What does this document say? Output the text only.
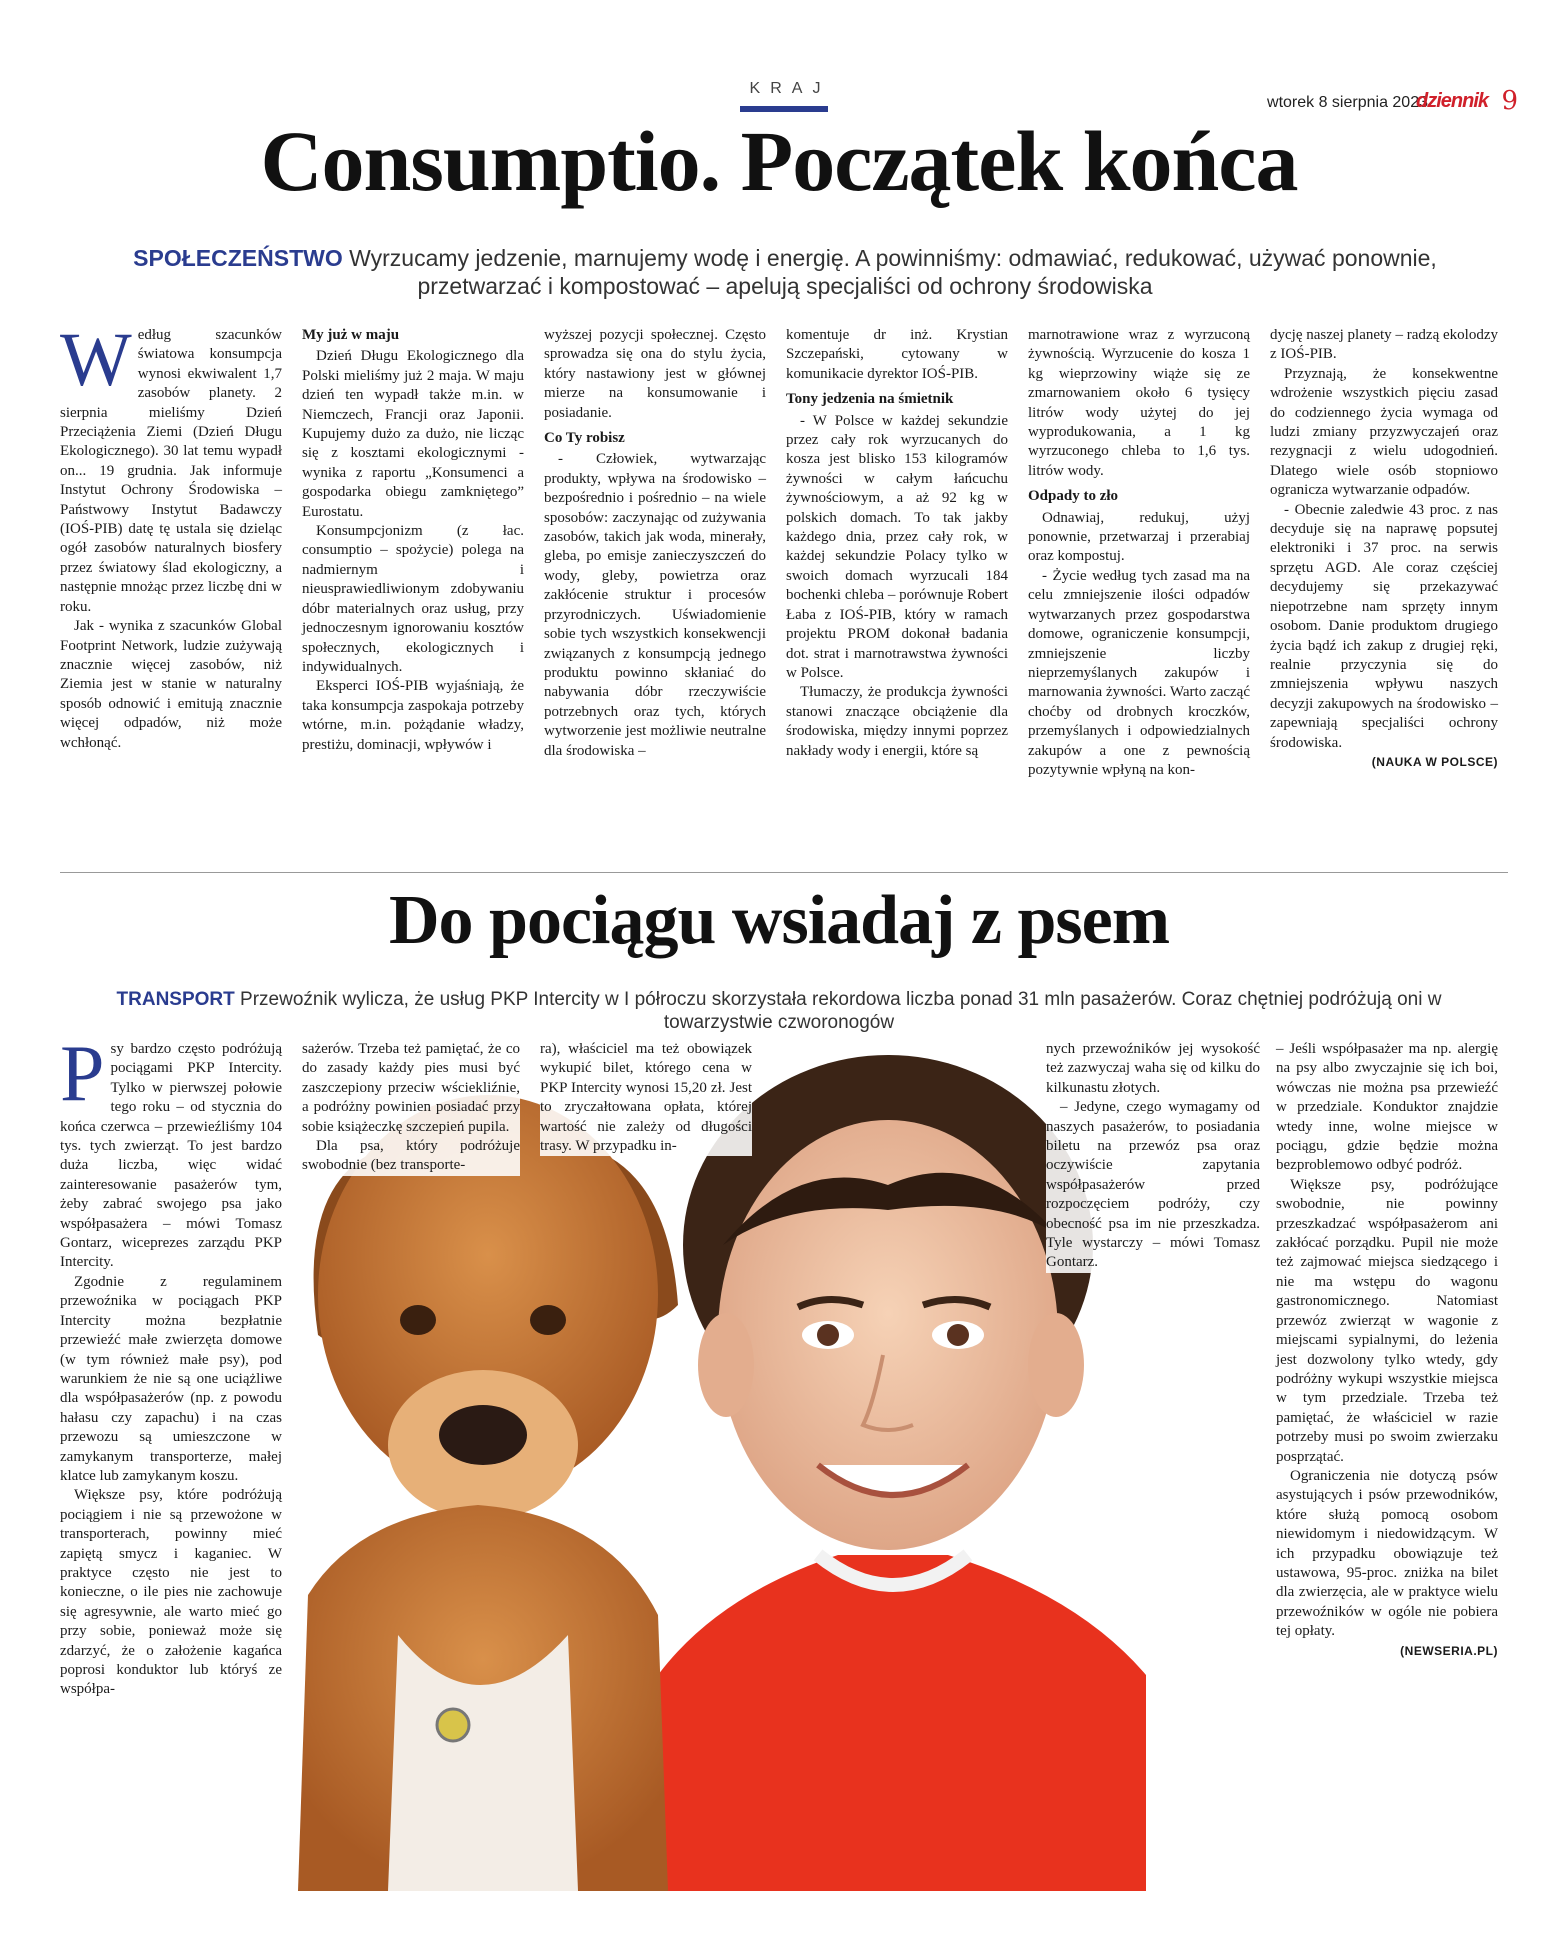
KRAJ
wtorek 8 sierpnia 2023
dziennik 9
Consumptio. Początek końca
SPOŁECZEŃSTWO Wyrzucamy jedzenie, marnujemy wodę i energię. A powinniśmy: odmawiać, redukować, używać ponownie, przetwarzać i kompostować – apelują specjaliści od ochrony środowiska
W edług szacunków światowa konsumpcja wynosi ekwiwalent 1,7 zasobów planety. 2 sierpnia mieliśmy Dzień Przeciążenia Ziemi (Dzień Długu Ekologicznego). 30 lat temu wypadł on... 19 grudnia. Jak informuje Instytut Ochrony Środowiska – Państwowy Instytut Badawczy (IOŚ-PIB) datę tę ustala się dzieląc ogół zasobów naturalnych biosfery przez światowy ślad ekologiczny, a następnie mnożąc przez liczbę dni w roku.

Jak - wynika z szacunków Global Footprint Network, ludzie zużywają znacznie więcej zasobów, niż Ziemia jest w stanie w naturalny sposób odnowić i emitują znacznie więcej odpadów, niż może wchłonąć.

My już w maju

Dzień Długu Ekologicznego dla Polski mieliśmy już 2 maja. W maju dzień ten wypadł także m.in. w Niemczech, Francji oraz Japonii. Kupujemy dużo za dużo, nie licząc się z kosztami ekologicznymi - wynika z raportu „Konsumenci a gospodarka obiegu zamkniętego” Eurostatu.

Konsumpcjonizm (z łac. consumptio – spożycie) polega na nadmiernym i nieusprawiedliwionym zdobywaniu dóbr materialnych oraz usług, przy jednoczesnym ignorowaniu kosztów społecznych, ekologicznych i indywidualnych.

Eksperci IOŚ-PIB wyjaśniają, że taka konsumpcja zaspokaja potrzeby wtórne, m.in. pożądanie władzy, prestiżu, dominacji, wpływów i

wyższej pozycji społecznej. Często sprowadza się ona do stylu życia, który nastawiony jest w głównej mierze na konsumowanie i posiadanie.

Co Ty robisz

- Człowiek, wytwarzając produkty, wpływa na środowisko – bezpośrednio i pośrednio – na wiele sposobów: zaczynając od zużywania zasobów, takich jak woda, minerały, gleba, po emisje zanieczyszczeń do wody, gleby, powietrza oraz zakłócenie struktur i procesów przyrodniczych. Uświadomienie sobie tych wszystkich konsekwencji związanych z konsumpcją jednego produktu powinno skłaniać do nabywania dóbr rzeczywiście potrzebnych oraz tych, których wytworzenie jest możliwie neutralne dla środowiska –

komentuje dr inż. Krystian Szczepański, cytowany w komunikacie dyrektor IOŚ-PIB.

Tony jedzenia na śmietnik

- W Polsce w każdej sekundzie przez cały rok wyrzucanych do kosza jest blisko 153 kilogramów żywności w całym łańcuchu żywnościowym, a aż 92 kg w polskich domach. To tak jakby każdego dnia, przez cały rok, w każdej sekundzie Polacy tylko w swoich domach wyrzucali 184 bochenki chleba – porównuje Robert Łaba z IOŚ-PIB, który w ramach projektu PROM dokonał badania dot. strat i marnotrawstwa żywności w Polsce.

Tłumaczy, że produkcja żywności stanowi znaczące obciążenie dla środowiska, między innymi poprzez nakłady wody i energii, które są

marnotrawione wraz z wyrzuconą żywnością. Wyrzucenie do kosza 1 kg wieprzowiny wiąże się ze zmarnowaniem około 6 tysięcy litrów wody użytej do jej wyprodukowania, a 1 kg wyrzuconego chleba to 1,6 tys. litrów wody.

Odpady to zło

Odnawiaj, redukuj, użyj ponownie, przetwarzaj i przerabiaj oraz kompostuj.

- Życie według tych zasad ma na celu zmniejszenie ilości odpadów wytwarzanych przez gospodarstwa domowe, ograniczenie konsumpcji, zmniejszenie liczby nieprzemyślanych zakupów i marnowania żywności. Warto zacząć choćby od drobnych kroczków, przemyślanych i odpowiedzialnych zakupów a one z pewnością pozytywnie wpłyną na kon-

dycję naszej planety – radzą ekolodzy z IOŚ-PIB.

Przyznają, że konsekwentne wdrożenie wszystkich pięciu zasad do codziennego życia wymaga od ludzi zmiany przyzwyczajeń oraz rezygnacji z wielu udogodnień. Dlatego wiele osób stopniowo ogranicza wytwarzanie odpadów.

- Obecnie zaledwie 43 proc. z nas decyduje się na naprawę popsutej elektroniki i 37 proc. na serwis sprzętu AGD. Ale coraz częściej decydujemy się przekazywać niepotrzebne nam sprzęty innym osobom. Danie produktom drugiego życia bądź ich zakup z drugiej ręki, realnie przyczynia się do zmniejszenia wpływu naszych decyzji zakupowych na środowisko – zapewniają specjaliści ochrony środowiska.

(NAUKA W POLSCE)
Do pociągu wsiadaj z psem
TRANSPORT Przewoźnik wylicza, że usług PKP Intercity w I półroczu skorzystała rekordowa liczba ponad 31 mln pasażerów. Coraz chętniej podróżują oni w towarzystwie czworonogów
P sy bardzo często podróżują pociągami PKP Intercity. Tylko w pierwszej połowie tego roku – od stycznia do końca czerwca – przewieźliśmy 104 tys. tych zwierząt. To jest bardzo duża liczba, więc widać zainteresowanie pasażerów tym, żeby zabrać swojego psa jako współpasażera – mówi Tomasz Gontarz, wiceprezes zarządu PKP Intercity.

Zgodnie z regulaminem przewoźnika w pociągach PKP Intercity można bezpłatnie przewieźć małe zwierzęta domowe (w tym również małe psy), pod warunkiem że nie są one uciążliwe dla współpasażerów (np. z powodu hałasu czy zapachu) i na czas przewozu są umieszczone w zamykanym transporterze, małej klatce lub zamykanym koszu.

Większe psy, które podróżują pociągiem i nie są przewożone w transporterach, powinny mieć zapiętą smycz i kaganiec. W praktyce często nie jest to konieczne, o ile pies nie zachowuje się agresywnie, ale warto mieć go przy sobie, ponieważ może się zdarzyć, że o założenie kagańca poprosi konduktor lub któryś ze współpa-

sażerów. Trzeba też pamiętać, że co do zasady każdy pies musi być zaszczepiony przeciw wściekliźnie, a podróżny powinien posiadać przy sobie książeczkę szczepień pupila.

Dla psa, który podróżuje swobodnie (bez transporte-

ra), właściciel ma też obowiązek wykupić bilet, którego cena w PKP Intercity wynosi 15,20 zł. Jest to zryczałtowana opłata, której wartość nie zależy od długości trasy. W przypadku in-

nych przewoźników jej wysokość też zazwyczaj waha się od kilku do kilkunastu złotych.

– Jedyne, czego wymagamy od naszych pasażerów, to posiadania biletu na przewóz psa oraz oczywiście zapytania współpasażerów przed rozpoczęciem podróży, czy obecność psa im nie przeszkadza. Tyle wystarczy – mówi Tomasz Gontarz.

– Jeśli współpasażer ma np. alergię na psy albo zwyczajnie się ich boi, wówczas nie można psa przewieźć w przedziale. Konduktor znajdzie wtedy inne, wolne miejsce w pociągu, gdzie będzie można bezproblemowo odbyć podróż.

Większe psy, podróżujące swobodnie, nie powinny przeszkadzać współpasażerom ani zakłócać porządku. Pupil nie może też zajmować miejsca siedzącego i nie ma wstępu do wagonu gastronomicznego. Natomiast przewóz zwierząt w wagonie z miejscami sypialnymi, do leżenia jest dozwolony tylko wtedy, gdy podróżny wykupi wszystkie miejsca w tym przedziale. Trzeba też pamiętać, że właściciel w razie potrzeby musi po swoim zwierzaku posprzątać.

Ograniczenia nie dotyczą psów asystujących i psów przewodników, które służą pomocą osobom niewidomym i niedowidzącym. W ich przypadku obowiązuje też ustawowa, 95-proc. zniżka na bilet dla zwierzęcia, ale w praktyce wielu przewoźników w ogóle nie pobiera tej opłaty.

(NEWSERIA.PL)
